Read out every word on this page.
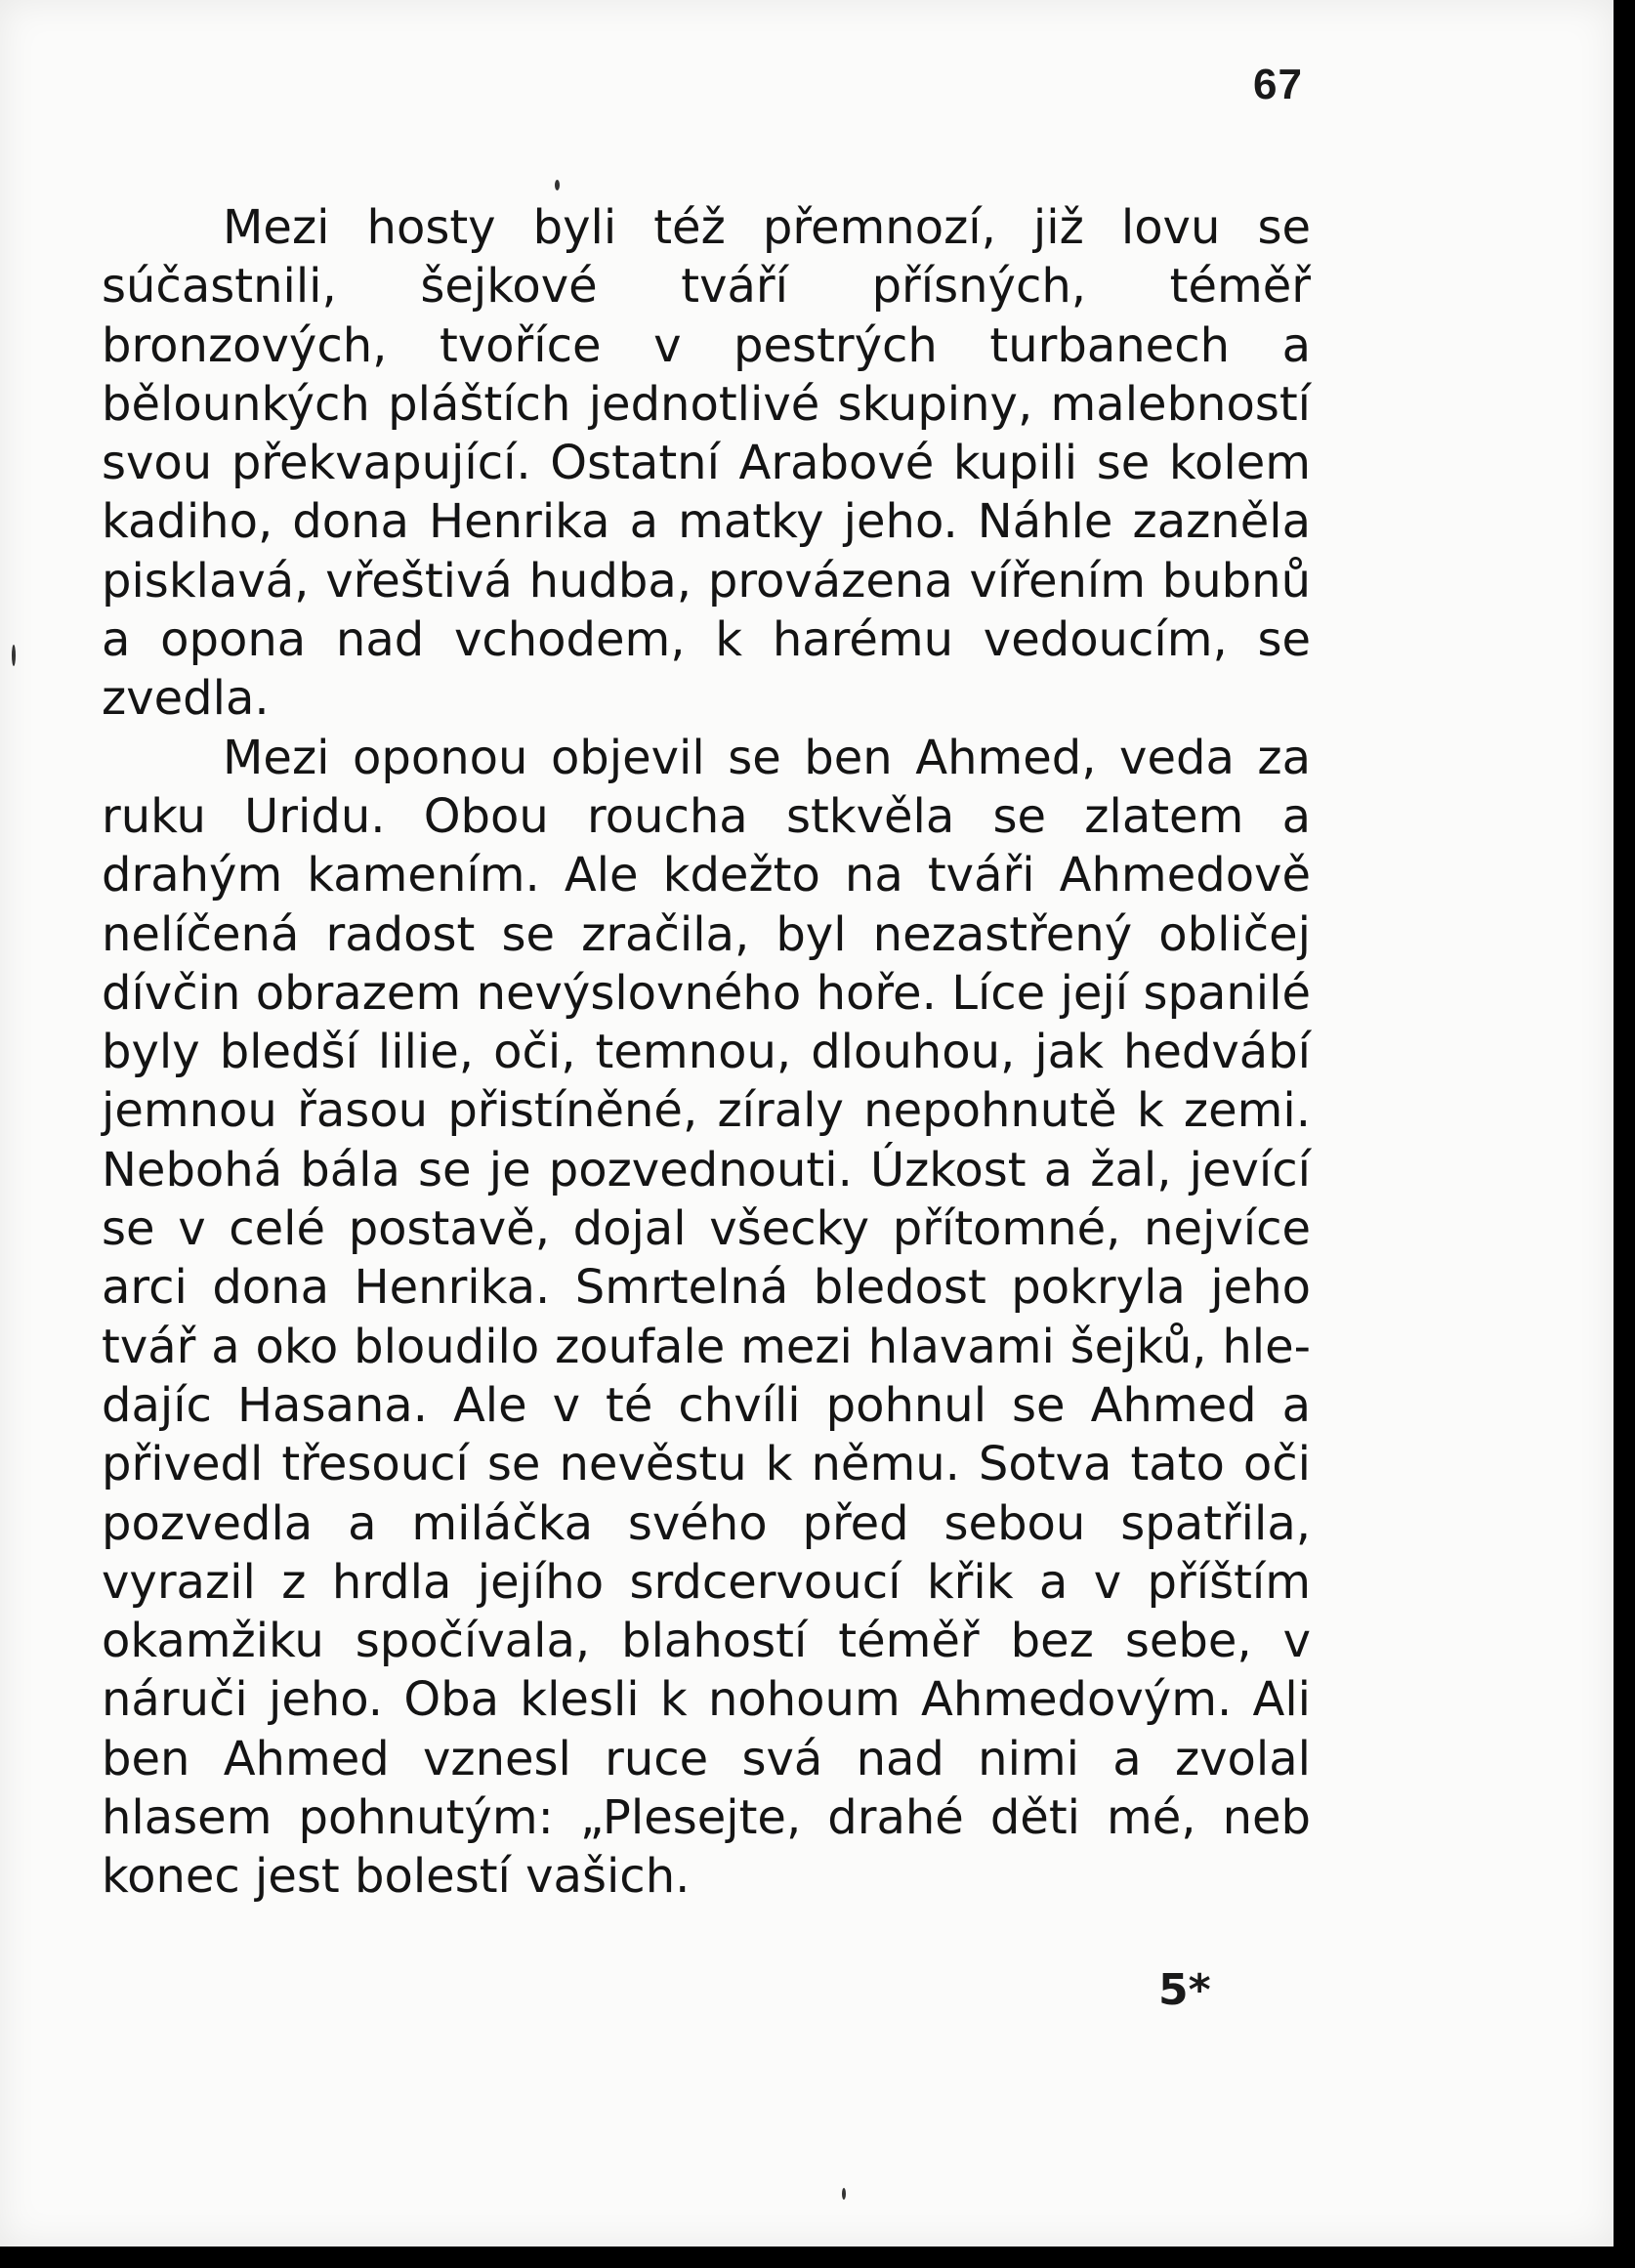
67

Mezi hosty byli též přemnozí, již lovu se súčastnili, šejkové tváří přísných, téměř bronzových, tvoříce v pestrých turbanech a bělounkých pláštích jednotlivé skupiny, malebností svou překvapující. Ostatní Arabové kupili se kolem kadiho, dona Henrika a matky jeho. Náhle zazněla pisklavá, vřeštivá hudba, provázena vířením bubnů a opona nad vchodem, k harému vedoucím, se zvedla.

Mezi oponou objevil se ben Ahmed, veda za ruku Uridu. Obou roucha stkvěla se zlatem a drahým kamením. Ale kdežto na tváři Ahmedově nelíčená radost se zračila, byl nezastřený obličej dívčin obrazem nevýslovného hoře. Líce její spanilé byly bledší lilie, oči, temnou, dlouhou, jak hedvábí jemnou řasou přistíněné, zíraly nepohnutě k zemi. Nebohá bála se je pozvednouti. Úzkost a žal, jevící se v celé postavě, dojal všecky přítomné, nejvíce arci dona Henrika. Smrtelná bledost pokryla jeho tvář a oko bloudilo zoufale mezi hlavami šejků, hledajíc Hasana. Ale v té chvíli pohnul se Ahmed a přivedl třesoucí se nevěstu k němu. Sotva tato oči pozvedla a miláčka svého před sebou spatřila, vyrazil z hrdla jejího srdcervoucí křik a v příštím okamžiku spočívala, blahostí téměř bez sebe, v náruči jeho. Oba klesli k nohoum Ahmedovým. Ali ben Ahmed vznesl ruce svá nad nimi a zvolal hlasem pohnutým: „Plesejte, drahé děti mé, neb konec jest bolestí vašich.

5*
